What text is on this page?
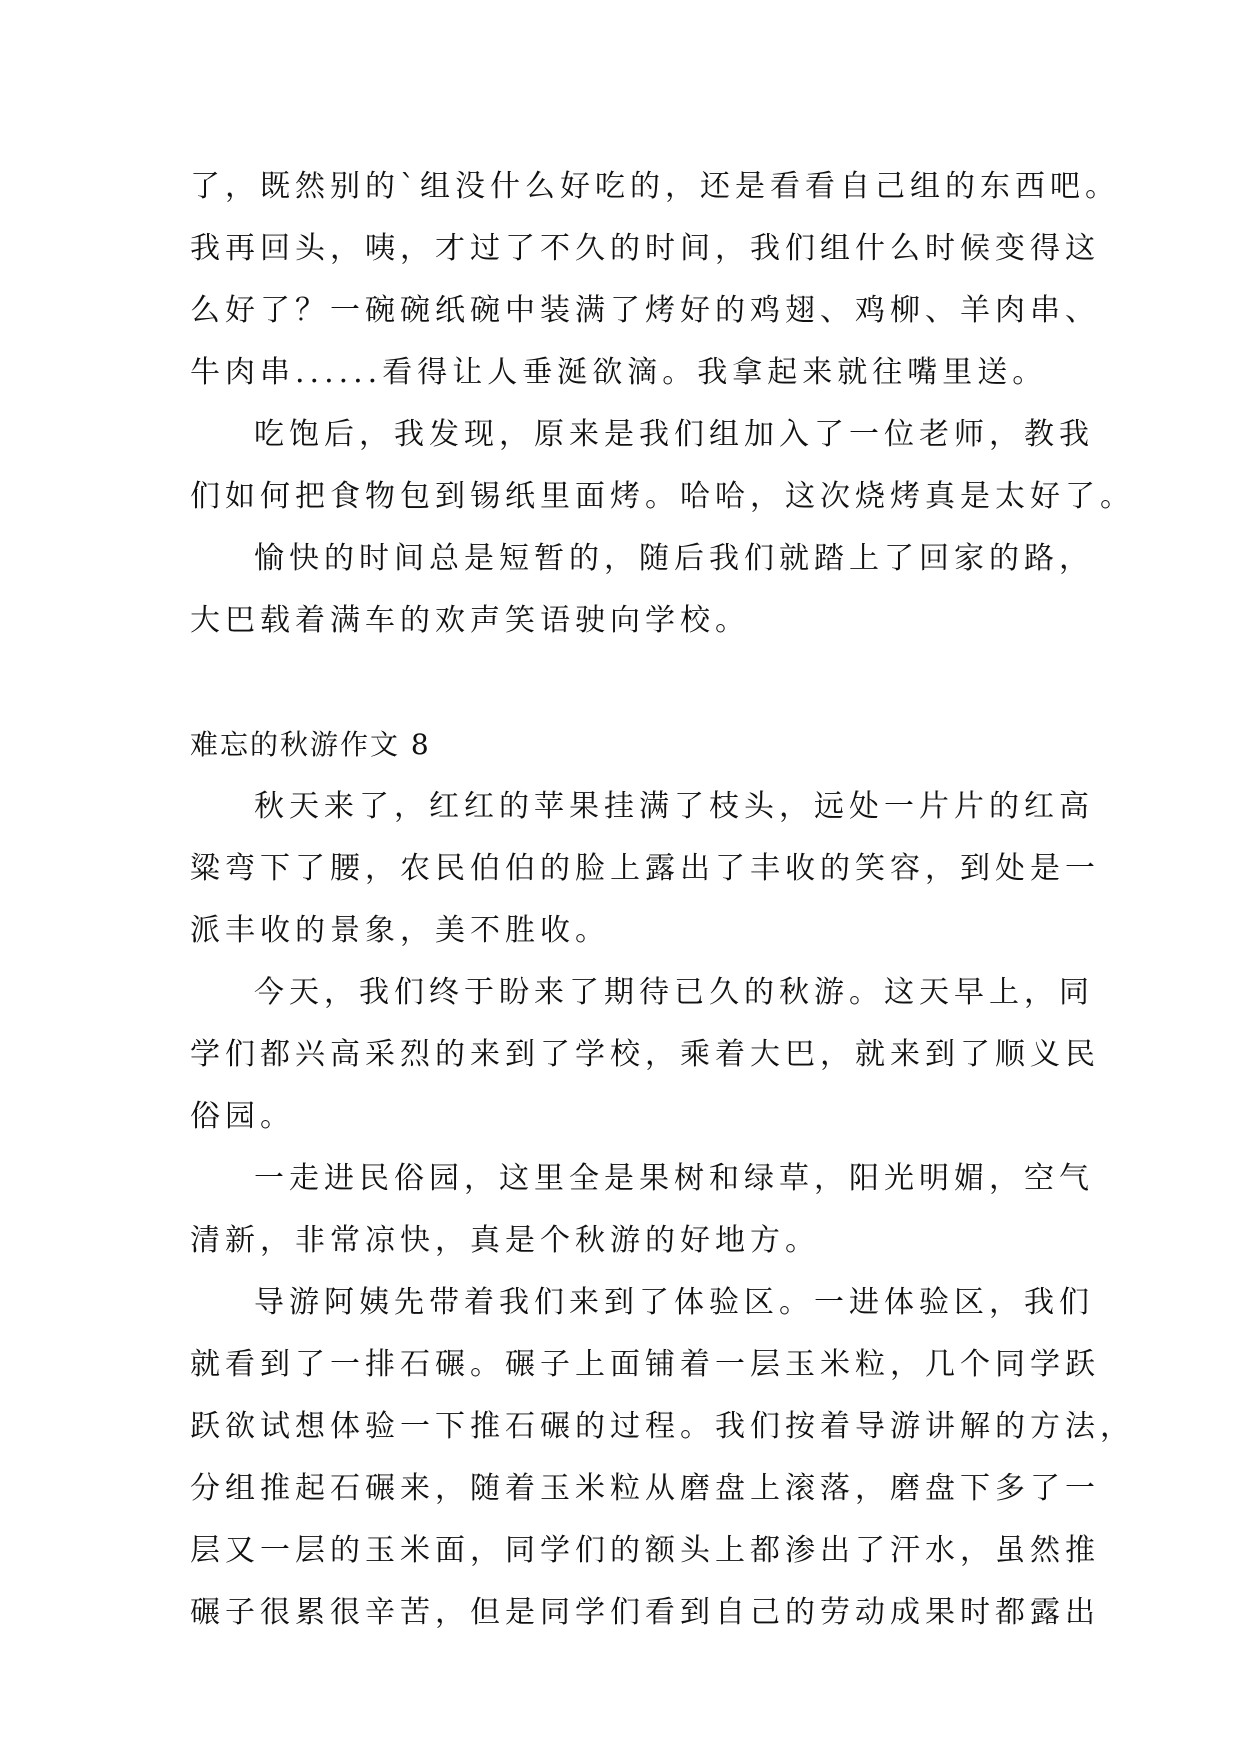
了，既然别的`组没什么好吃的，还是看看自己组的东西吧。
我再回头，咦，才过了不久的时间，我们组什么时候变得这
么好了？一碗碗纸碗中装满了烤好的鸡翅、鸡柳、羊肉串、
牛肉串......看得让人垂涎欲滴。我拿起来就往嘴里送。

吃饱后，我发现，原来是我们组加入了一位老师，教我
们如何把食物包到锡纸里面烤。哈哈，这次烧烤真是太好了。

愉快的时间总是短暂的，随后我们就踏上了回家的路，
大巴载着满车的欢声笑语驶向学校。

难忘的秋游作文 8

秋天来了，红红的苹果挂满了枝头，远处一片片的红高
粱弯下了腰，农民伯伯的脸上露出了丰收的笑容，到处是一
派丰收的景象，美不胜收。

今天，我们终于盼来了期待已久的秋游。这天早上，同
学们都兴高采烈的来到了学校，乘着大巴，就来到了顺义民
俗园。

一走进民俗园，这里全是果树和绿草，阳光明媚，空气
清新，非常凉快，真是个秋游的好地方。

导游阿姨先带着我们来到了体验区。一进体验区，我们
就看到了一排石碾。碾子上面铺着一层玉米粒，几个同学跃
跃欲试想体验一下推石碾的过程。我们按着导游讲解的方法，
分组推起石碾来，随着玉米粒从磨盘上滚落，磨盘下多了一
层又一层的玉米面，同学们的额头上都渗出了汗水，虽然推
碾子很累很辛苦，但是同学们看到自己的劳动成果时都露出
